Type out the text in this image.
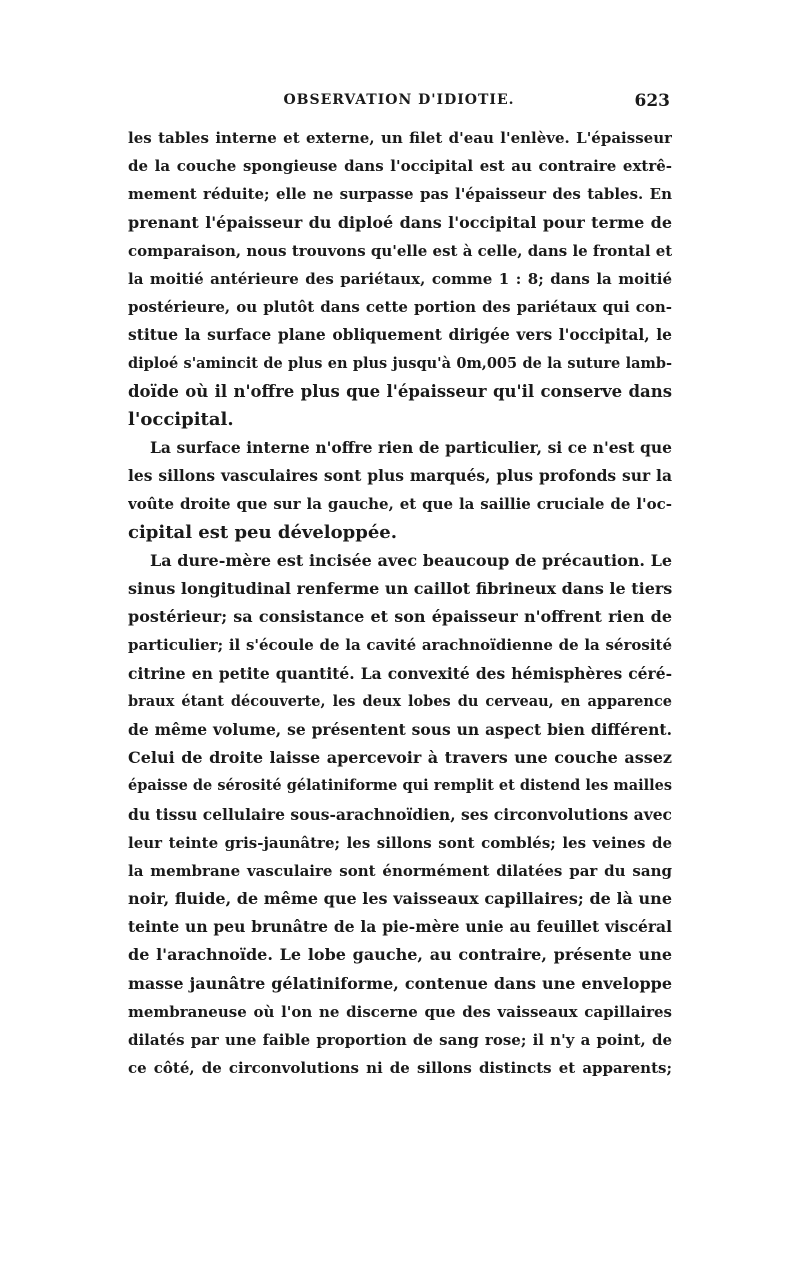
OBSERVATION D'IDIOTIE.	623
les tables interne et externe, un filet d'eau l'enlève. L'épaisseur
de la couche spongieuse dans l'occipital est au contraire extrê-
mement réduite; elle ne surpasse pas l'épaisseur des tables. En
prenant l'épaisseur du diploé dans l'occipital pour terme de
comparaison, nous trouvons qu'elle est à celle, dans le frontal et
la moitié antérieure des pariétaux, comme 1 : 8; dans la moitié
postérieure, ou plutôt dans cette portion des pariétaux qui con-
stitue la surface plane obliquement dirigée vers l'occipital, le
diploé s'amincit de plus en plus jusqu'à 0m,005 de la suture lamb-
doïde où il n'offre plus que l'épaisseur qu'il conserve dans
l'occipital.
La surface interne n'offre rien de particulier, si ce n'est que
les sillons vasculaires sont plus marqués, plus profonds sur la
voûte droite que sur la gauche, et que la saillie cruciale de l'oc-
cipital est peu développée.
La dure-mère est incisée avec beaucoup de précaution. Le
sinus longitudinal renferme un caillot fibrineux dans le tiers
postérieur; sa consistance et son épaisseur n'offrent rien de
particulier; il s'écoule de la cavité arachnoïdienne de la sérosité
citrine en petite quantité. La convexité des hémisphères céré-
braux étant découverte, les deux lobes du cerveau, en apparence
de même volume, se présentent sous un aspect bien différent.
Celui de droite laisse apercevoir à travers une couche assez
épaisse de sérosité gélatiniforme qui remplit et distend les mailles
du tissu cellulaire sous-arachnoïdien, ses circonvolutions avec
leur teinte gris-jaunâtre; les sillons sont comblés; les veines de
la membrane vasculaire sont énormément dilatées par du sang
noir, fluide, de même que les vaisseaux capillaires; de là une
teinte un peu brunâtre de la pie-mère unie au feuillet viscéral
de l'arachnoïde. Le lobe gauche, au contraire, présente une
masse jaunâtre gélatiniforme, contenue dans une enveloppe
membraneuse où l'on ne discerne que des vaisseaux capillaires
dilatés par une faible proportion de sang rose; il n'y a point, de
ce côté, de circonvolutions ni de sillons distincts et apparents;
